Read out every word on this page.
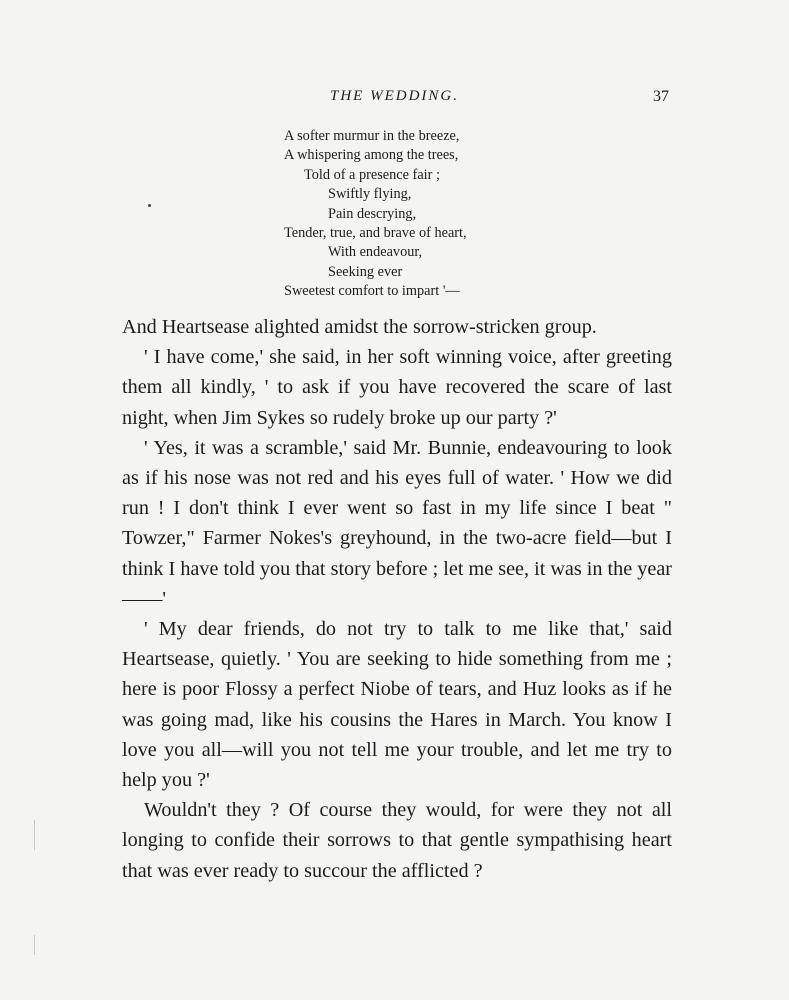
THE WEDDING.	37
A softer murmur in the breeze,
A whispering among the trees,
Told of a presence fair ;
Swiftly flying,
Pain descrying,
Tender, true, and brave of heart,
With endeavour,
Seeking ever
Sweetest comfort to impart '—

And Heartsease alighted amidst the sorrow-stricken group.

' I have come,' she said, in her soft winning voice, after greeting them all kindly, ' to ask if you have recovered the scare of last night, when Jim Sykes so rudely broke up our party ?'

' Yes, it was a scramble,' said Mr. Bunnie, endeavouring to look as if his nose was not red and his eyes full of water. ' How we did run ! I don't think I ever went so fast in my life since I beat " Towzer," Farmer Nokes's greyhound, in the two-acre field—but I think I have told you that story before ; let me see, it was in the year——'

' My dear friends, do not try to talk to me like that,' said Heartsease, quietly. ' You are seeking to hide something from me ; here is poor Flossy a perfect Niobe of tears, and Huz looks as if he was going mad, like his cousins the Hares in March. You know I love you all—will you not tell me your trouble, and let me try to help you ?'

Wouldn't they ? Of course they would, for were they not all longing to confide their sorrows to that gentle sympathising heart that was ever ready to succour the afflicted ?
